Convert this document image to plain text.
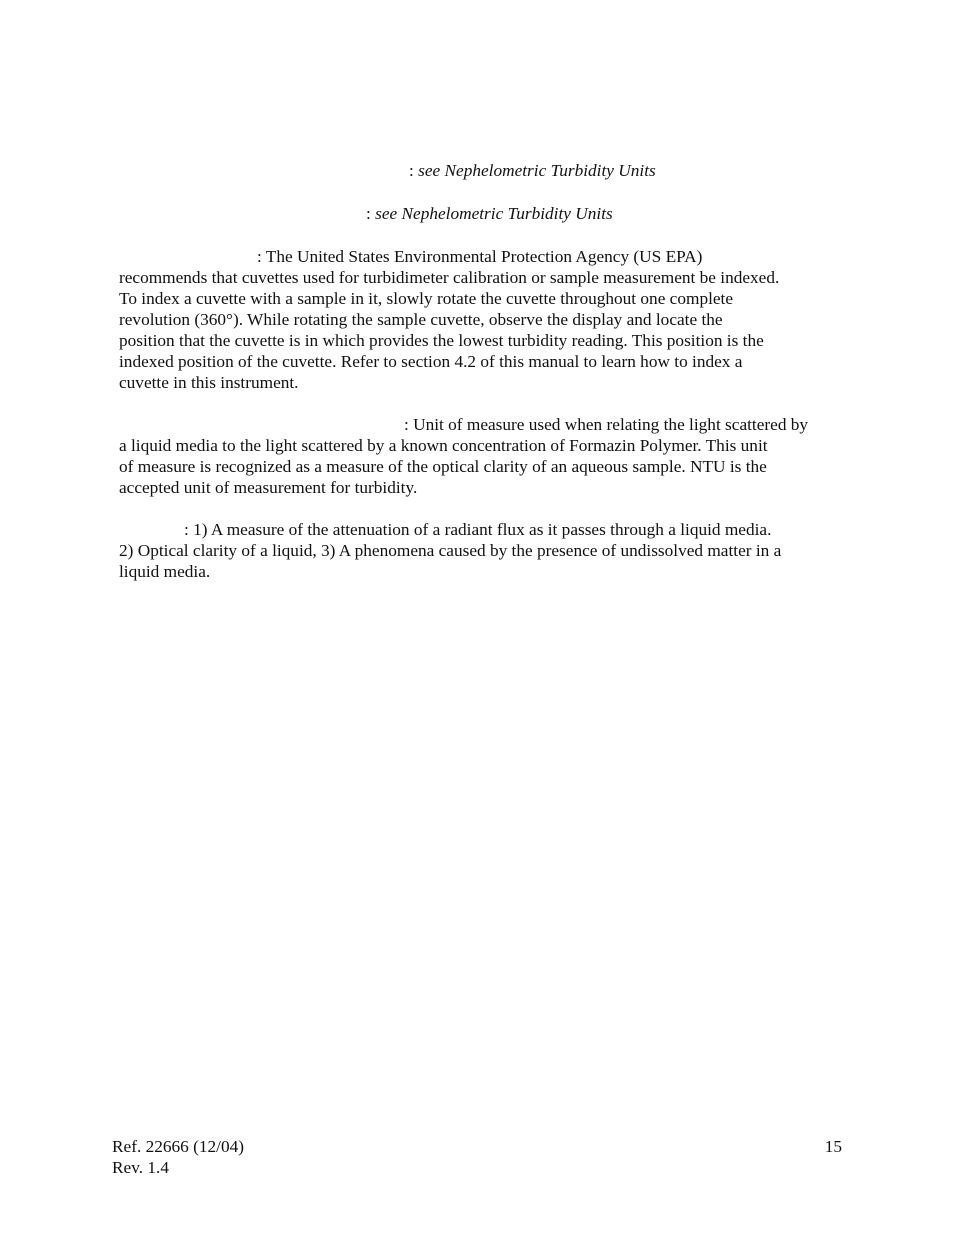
: see Nephelometric Turbidity Units
: see Nephelometric Turbidity Units
: The United States Environmental Protection Agency (US EPA)
recommends that cuvettes used for turbidimeter calibration or sample measurement be indexed.
To index a cuvette with a sample in it, slowly rotate the cuvette throughout one complete
revolution (360°). While rotating the sample cuvette, observe the display and locate the
position that the cuvette is in which provides the lowest turbidity reading. This position is the
indexed position of the cuvette. Refer to section 4.2 of this manual to learn how to index a
cuvette in this instrument.
: Unit of measure used when relating the light scattered by
a liquid media to the light scattered by a known concentration of Formazin Polymer. This unit
of measure is recognized as a measure of the optical clarity of an aqueous sample. NTU is the
accepted unit of measurement for turbidity.
: 1) A measure of the attenuation of a radiant flux as it passes through a liquid media.
2) Optical clarity of a liquid, 3) A phenomena caused by the presence of undissolved matter in a
liquid media.
Ref. 22666 (12/04)
Rev. 1.4
15
